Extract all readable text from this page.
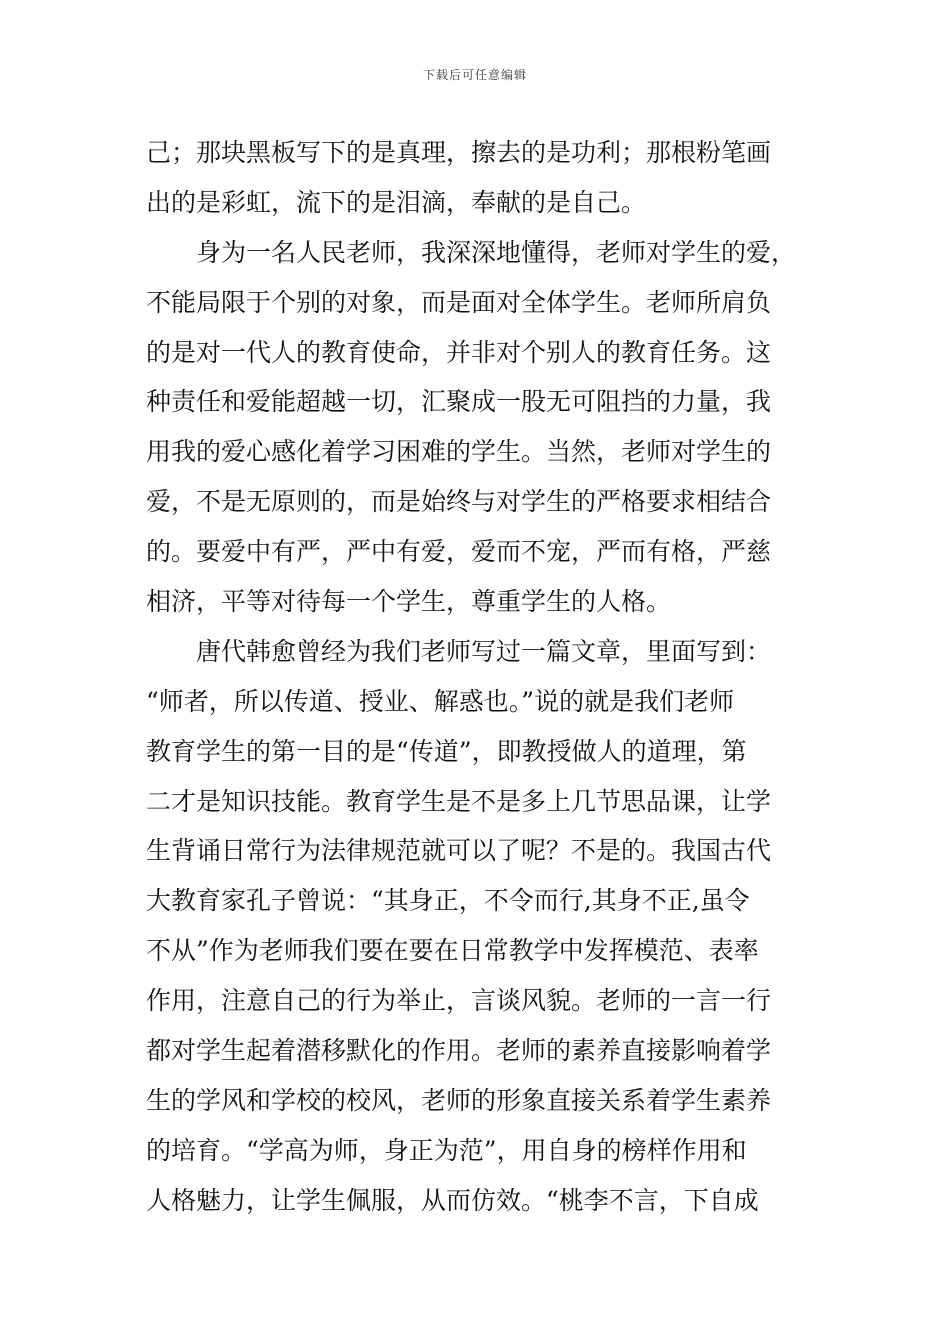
下载后可任意编辑
己；那块黑板写下的是真理，擦去的是功利；那根粉笔画
出的是彩虹，流下的是泪滴，奉献的是自己。
　　身为一名人民老师，我深深地懂得，老师对学生的爱，
不能局限于个别的对象，而是面对全体学生。老师所肩负
的是对一代人的教育使命，并非对个别人的教育任务。这
种责任和爱能超越一切，汇聚成一股无可阻挡的力量，我
用我的爱心感化着学习困难的学生。当然，老师对学生的
爱，不是无原则的，而是始终与对学生的严格要求相结合
的。要爱中有严，严中有爱，爱而不宠，严而有格，严慈
相济，平等对待每一个学生，尊重学生的人格。
　　唐代韩愈曾经为我们老师写过一篇文章，里面写到：
“师者，所以传道、授业、解惑也。”说的就是我们老师
教育学生的第一目的是“传道”，即教授做人的道理，第
二才是知识技能。教育学生是不是多上几节思品课，让学
生背诵日常行为法律规范就可以了呢？不是的。我国古代
大教育家孔子曾说：“其身正，不令而行,其身不正,虽令
不从”作为老师我们要在要在日常教学中发挥模范、表率
作用，注意自己的行为举止，言谈风貌。老师的一言一行
都对学生起着潜移默化的作用。老师的素养直接影响着学
生的学风和学校的校风，老师的形象直接关系着学生素养
的培育。“学高为师，身正为范”，用自身的榜样作用和
人格魅力，让学生佩服，从而仿效。“桃李不言，下自成
